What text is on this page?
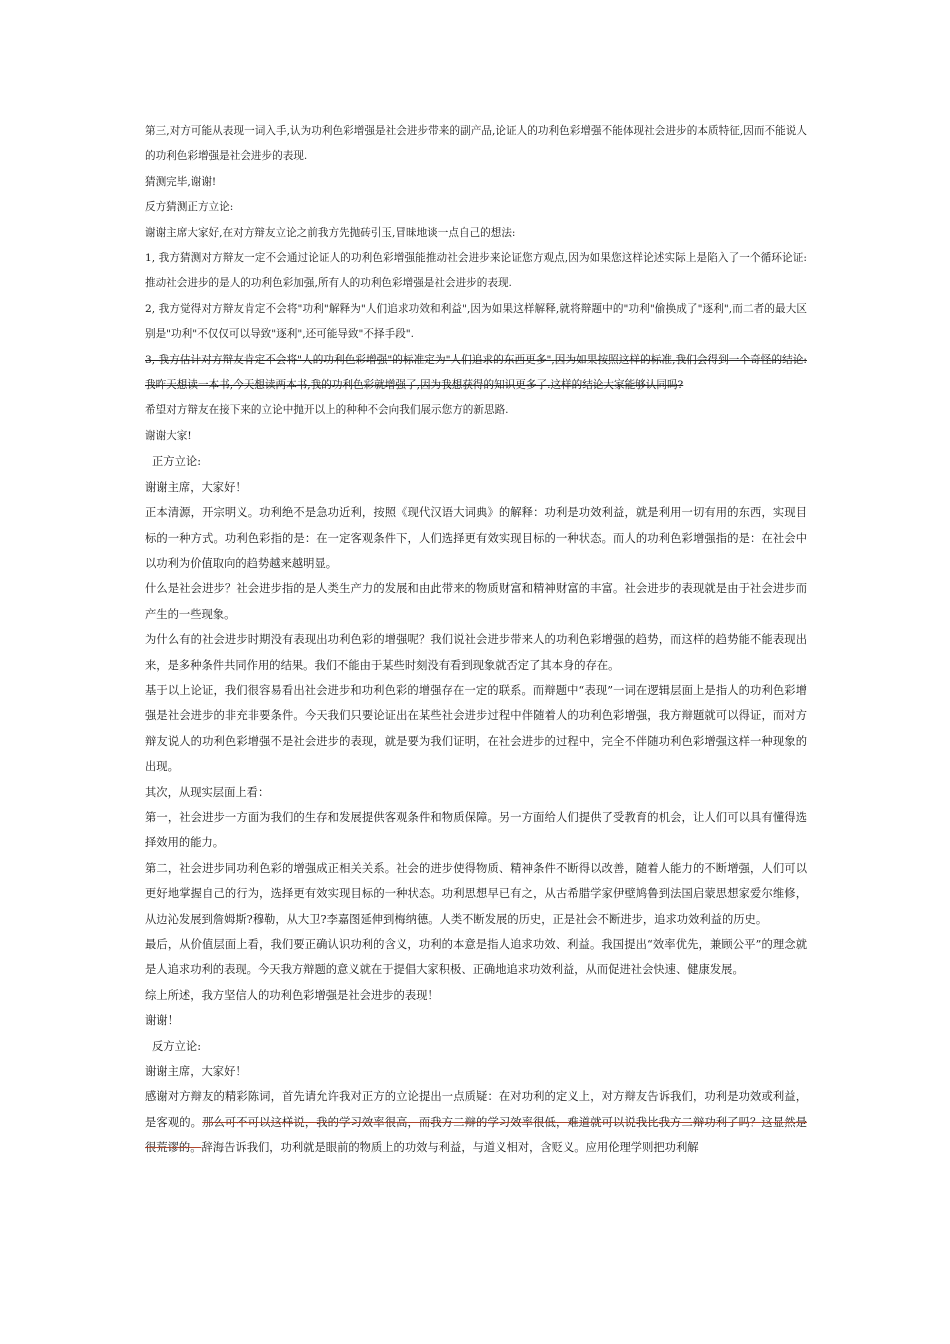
第三,对方可能从表现一词入手,认为功利色彩增强是社会进步带来的副产品,论证人的功利色彩增强不能体现社会进步的本质特征,因而不能说人的功利色彩增强是社会进步的表现.

猜测完毕,谢谢!

反方猜测正方立论:

谢谢主席大家好,在对方辩友立论之前我方先抛砖引玉,冒昧地谈一点自己的想法:

1, 我方猜测对方辩友一定不会通过论证人的功利色彩增强能推动社会进步来论证您方观点,因为如果您这样论述实际上是陷入了一个循环论证:推动社会进步的是人的功利色彩加强,所有人的功利色彩增强是社会进步的表现.

2, 我方觉得对方辩友肯定不会将"功利"解释为"人们追求功效和利益",因为如果这样解释,就将辩题中的"功利"偷换成了"逐利",而二者的最大区别是"功利"不仅仅可以导致"逐利",还可能导致"不择手段".

3, 我方估计对方辩友肯定不会将"人的功利色彩增强"的标准定为"人们追求的东西更多",因为如果按照这样的标准,我们会得到一个奇怪的结论:我昨天想读一本书,今天想读两本书,我的功利色彩就增强了,因为我想获得的知识更多了.这样的结论大家能够认同吗?

希望对方辩友在接下来的立论中抛开以上的种种不会向我们展示您方的新思路.

谢谢大家!

正方立论:

谢谢主席，大家好！

正本清源，开宗明义。功利绝不是急功近利，按照《现代汉语大词典》的解释：功利是功效利益，就是利用一切有用的东西，实现目标的一种方式。功利色彩指的是：在一定客观条件下，人们选择更有效实现目标的一种状态。而人的功利色彩增强指的是：在社会中以功利为价值取向的趋势越来越明显。

什么是社会进步？社会进步指的是人类生产力的发展和由此带来的物质财富和精神财富的丰富。社会进步的表现就是由于社会进步而产生的一些现象。

为什么有的社会进步时期没有表现出功利色彩的增强呢？我们说社会进步带来人的功利色彩增强的趋势，而这样的趋势能不能表现出来，是多种条件共同作用的结果。我们不能由于某些时刻没有看到现象就否定了其本身的存在。

基于以上论证，我们很容易看出社会进步和功利色彩的增强存在一定的联系。而辩题中“表现”一词在逻辑层面上是指人的功利色彩增强是社会进步的非充非要条件。今天我们只要论证出在某些社会进步过程中伴随着人的功利色彩增强，我方辩题就可以得证，而对方辩友说人的功利色彩增强不是社会进步的表现，就是要为我们证明，在社会进步的过程中，完全不伴随功利色彩增强这样一种现象的出现。

其次，从现实层面上看：

第一，社会进步一方面为我们的生存和发展提供客观条件和物质保障。另一方面给人们提供了受教育的机会，让人们可以具有懂得选择效用的能力。

第二，社会进步同功利色彩的增强成正相关关系。社会的进步使得物质、精神条件不断得以改善，随着人能力的不断增强，人们可以更好地掌握自己的行为，选择更有效实现目标的一种状态。功利思想早已有之，从古希腊学家伊壁鸠鲁到法国启蒙思想家爱尔维修，从边沁发展到詹姆斯?穆勒，从大卫?李嘉图延伸到梅纳德。人类不断发展的历史，正是社会不断进步，追求功效利益的历史。

最后，从价值层面上看，我们要正确认识功利的含义，功利的本意是指人追求功效、利益。我国提出“效率优先，兼顾公平”的理念就是人追求功利的表现。今天我方辩题的意义就在于提倡大家积极、正确地追求功效利益，从而促进社会快速、健康发展。

综上所述，我方坚信人的功利色彩增强是社会进步的表现！

谢谢！

反方立论:

谢谢主席，大家好！

感谢对方辩友的精彩陈词，首先请允许我对正方的立论提出一点质疑：在对功利的定义上，对方辩友告诉我们，功利是功效或利益，是客观的。那么可不可以这样说，我的学习效率很高，而我方二辩的学习效率很低，难道就可以说我比我方二辩功利了吗？这显然是很荒谬的。辞海告诉我们，功利就是眼前的物质上的功效与利益，与道义相对，含贬义。应用伦理学则把功利解
